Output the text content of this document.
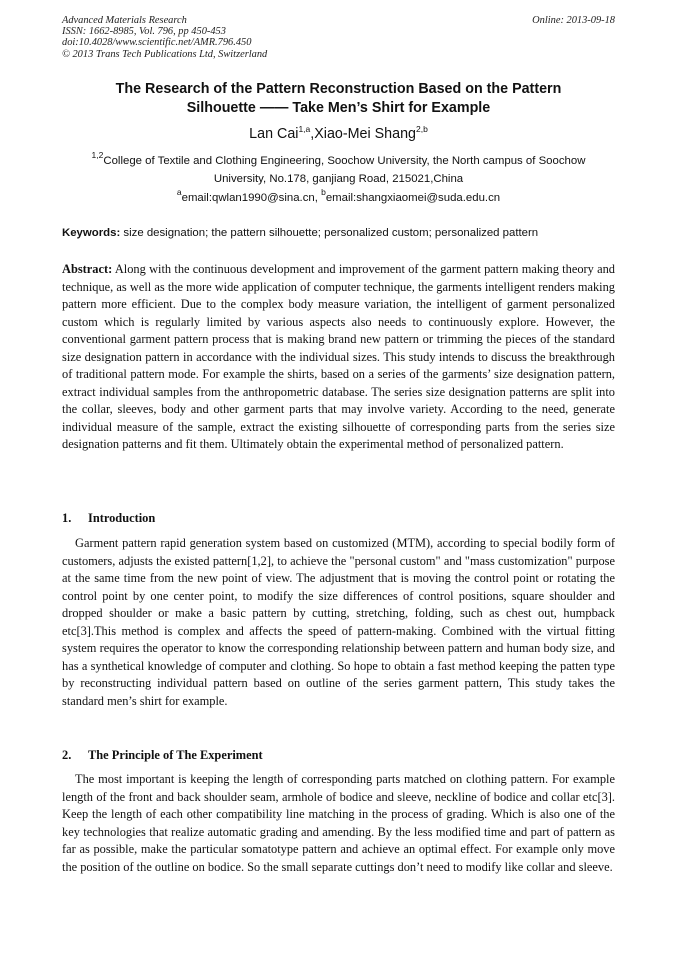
Advanced Materials Research
ISSN: 1662-8985, Vol. 796, pp 450-453
doi:10.4028/www.scientific.net/AMR.796.450
© 2013 Trans Tech Publications Ltd, Switzerland
Online: 2013-09-18
The Research of the Pattern Reconstruction Based on the Pattern
Silhouette —— Take Men’s Shirt for Example
Lan Cai$^{1,a}$,Xiao-Mei Shang$^{2,b}$
$^{1,2}$College of Textile and Clothing Engineering, Soochow University, the North campus of Soochow
University, No.178, ganjiang Road, 215021,China
$^a$email:qwlan1990@sina.cn, $^b$email:shangxiaomei@suda.edu.cn
Keywords: size designation; the pattern silhouette; personalized custom; personalized pattern
Abstract: Along with the continuous development and improvement of the garment pattern making theory and technique, as well as the more wide application of computer technique, the garments intelligent renders making pattern more efficient. Due to the complex body measure variation, the intelligent of garment personalized custom which is regularly limited by various aspects also needs to continuously explore. However, the conventional garment pattern process that is making brand new pattern or trimming the pieces of the standard size designation pattern in accordance with the individual sizes. This study intends to discuss the breakthrough of traditional pattern mode. For example the shirts, based on a series of the garments’ size designation pattern, extract individual samples from the anthropometric database. The series size designation patterns are split into the collar, sleeves, body and other garment parts that may involve variety. According to the need, generate individual measure of the sample, extract the existing silhouette of corresponding parts from the series size designation patterns and fit them. Ultimately obtain the experimental method of personalized pattern.
1. Introduction
Garment pattern rapid generation system based on customized (MTM), according to special bodily form of customers, adjusts the existed pattern[1,2], to achieve the "personal custom" and "mass customization" purpose at the same time from the new point of view. The adjustment that is moving the control point or rotating the control point by one center point, to modify the size differences of control positions, square shoulder and dropped shoulder or make a basic pattern by cutting, stretching, folding, such as chest out, humpback etc[3].This method is complex and affects the speed of pattern-making. Combined with the virtual fitting system requires the operator to know the corresponding relationship between pattern and human body size, and has a synthetical knowledge of computer and clothing. So hope to obtain a fast method keeping the patten type by reconstructing individual pattern based on outline of the series garment pattern, This study takes the standard men’s shirt for example.
2. The Principle of The Experiment
The most important is keeping the length of corresponding parts matched on clothing pattern. For example length of the front and back shoulder seam, armhole of bodice and sleeve, neckline of bodice and collar etc[3]. Keep the length of each other compatibility line matching in the process of grading. Which is also one of the key technologies that realize automatic grading and amending. By the less modified time and part of pattern as far as possible, make the particular somatotype pattern and achieve an optimal effect. For example only move the position of the outline on bodice. So the small separate cuttings don’t need to modify like collar and sleeve.
